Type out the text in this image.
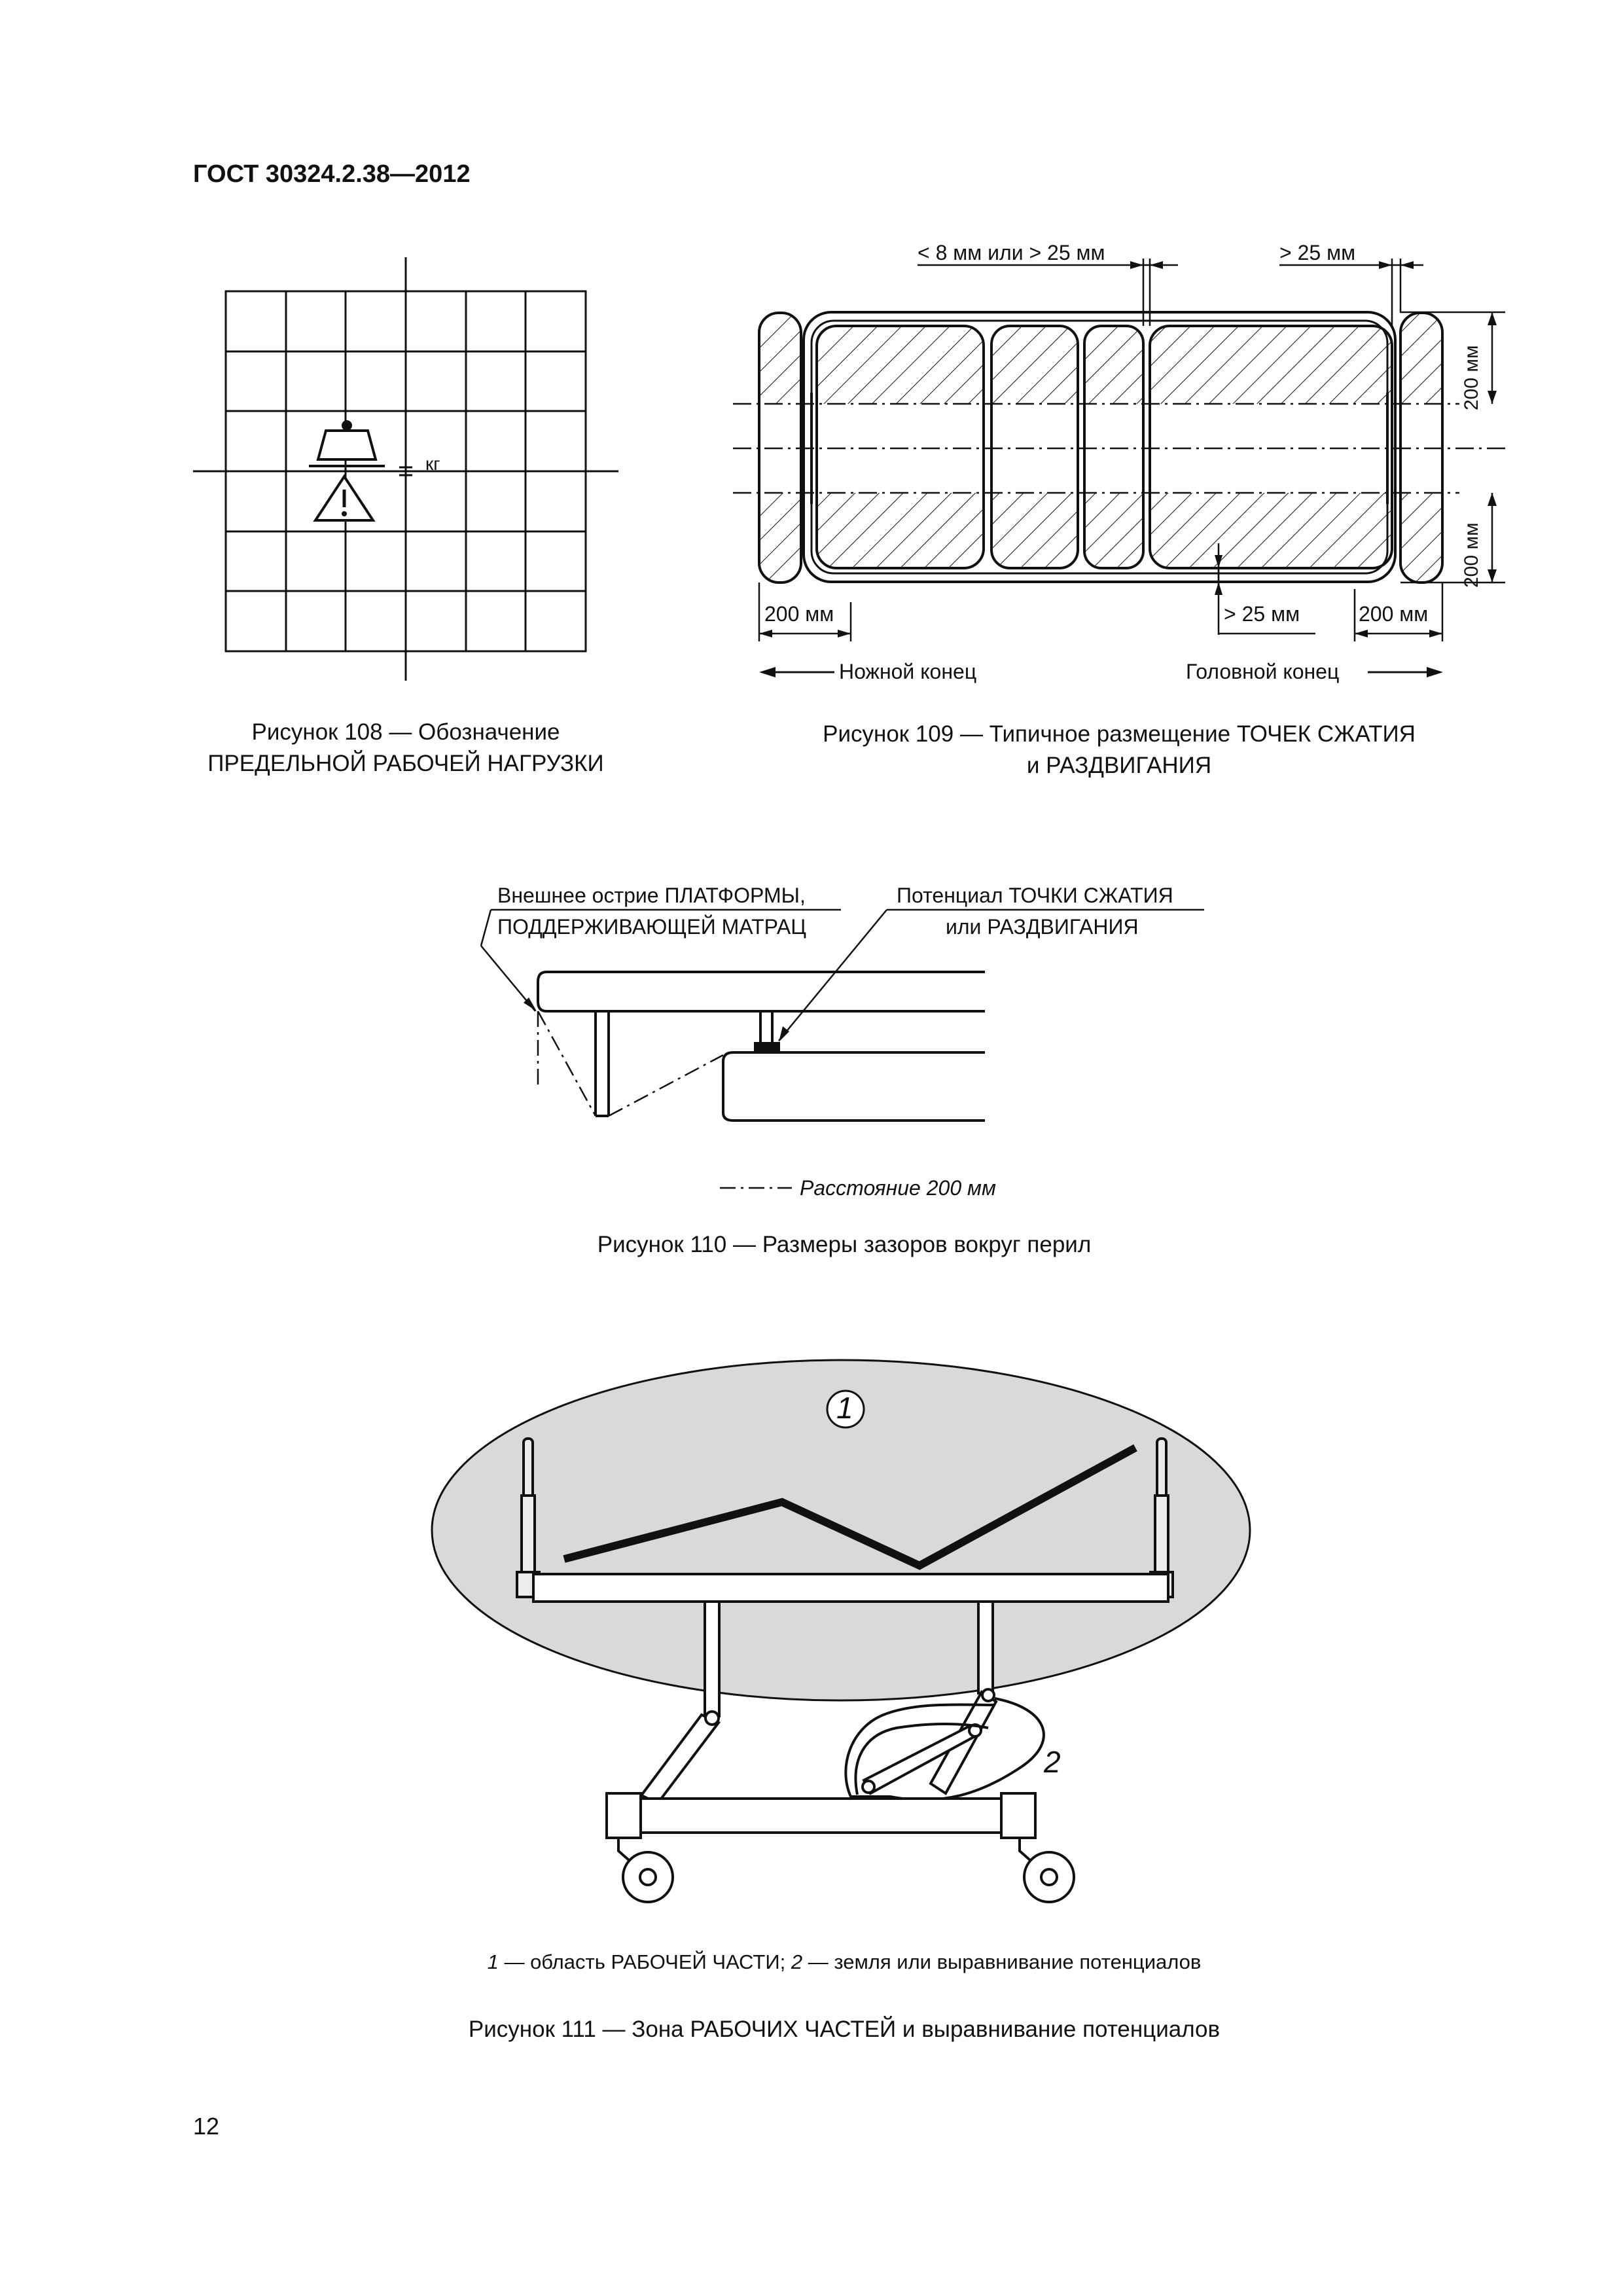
ГОСТ 30324.2.38—2012
кг
Рисунок 108 — Обозначение
ПРЕДЕЛЬНОЙ РАБОЧЕЙ НАГРУЗКИ
< 8 мм или > 25 мм	> 25 мм
200 мм
200 мм
200 мм	> 25 мм	200 мм
Ножной конец	Головной конец
Рисунок 109 — Типичное размещение ТОЧЕК СЖАТИЯ
и РАЗДВИГАНИЯ
Внешнее острие ПЛАТФОРМЫ,
ПОДДЕРЖИВАЮЩЕЙ МАТРАЦ
Потенциал ТОЧКИ СЖАТИЯ
или РАЗДВИГАНИЯ
Расстояние 200 мм
Рисунок 110 — Размеры зазоров вокруг перил
1
2
1 — область РАБОЧЕЙ ЧАСТИ; 2 — земля или выравнивание потенциалов
Рисунок 111 — Зона РАБОЧИХ ЧАСТЕЙ и выравнивание потенциалов
12
